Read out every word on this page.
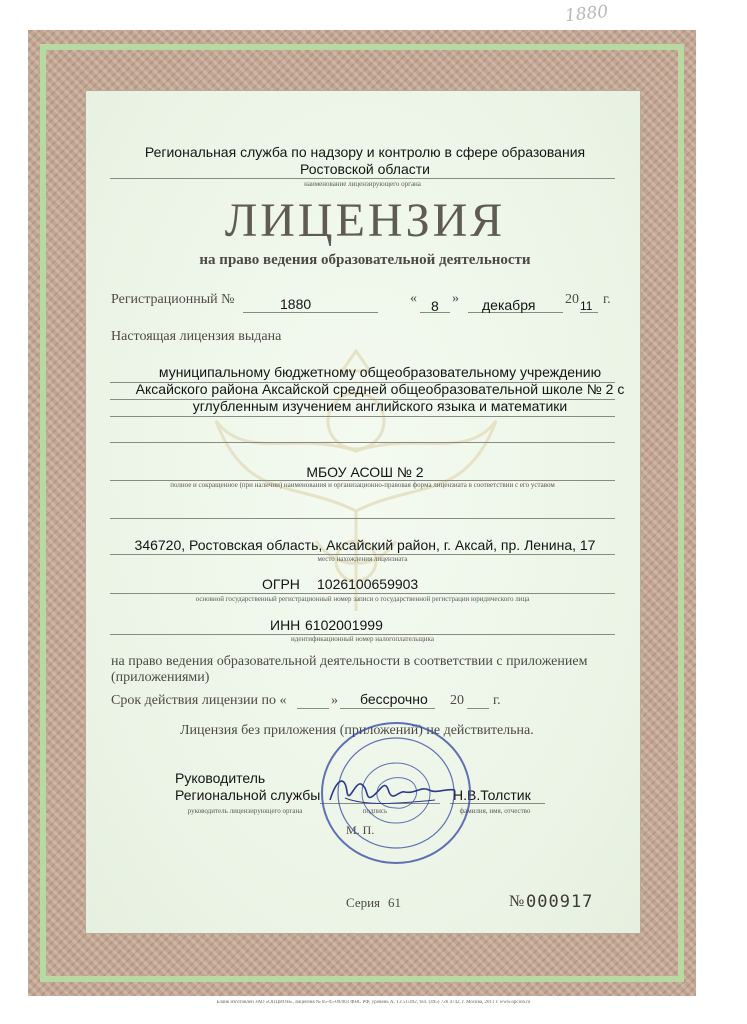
1880
Региональная служба по надзору и контролю в сфере образования
Ростовской области
наименование лицензирующего органа
ЛИЦЕНЗИЯ
на право ведения образовательной деятельности
Регистрационный №	1880	« 8 » декабря 20 11 г.
Настоящая лицензия выдана
муниципальному бюджетному общеобразовательному учреждению
Аксайского района Аксайской средней общеобразовательной школе № 2 с
углубленным изучением английского языка и математики
МБОУ АСОШ № 2
полное и сокращенное (при наличии) наименования и организационно-правовая форма лицензиата в соответствии с его уставом
346720, Ростовская область, Аксайский район, г. Аксай, пр. Ленина, 17
место нахождения лицензиата
ОГРН 1026100659903
основной государственный регистрационный номер записи о государственной регистрации юридического лица
ИНН 6102001999
идентификационный номер налогоплательщика
на право ведения образовательной деятельности в соответствии с приложением
(приложениями)
Срок действия лицензии по «	» бессрочно 20 г.
Лицензия без приложения (приложений) не действительна.
Руководитель
Региональной службы	Н.В.Толстик
руководитель лицензирующего органа	подпись	фамилия, имя, отчество
М. П.
Серия 61	№ 000917
Бланк изготовлен ЗАО «ОПЦИОН», лицензия № 05-05-09/003 ФНС РФ, уровень А, ТЗ 51/492, тел. (495) 726 4742, г. Москва, 2011 г. www.opcion.ru
